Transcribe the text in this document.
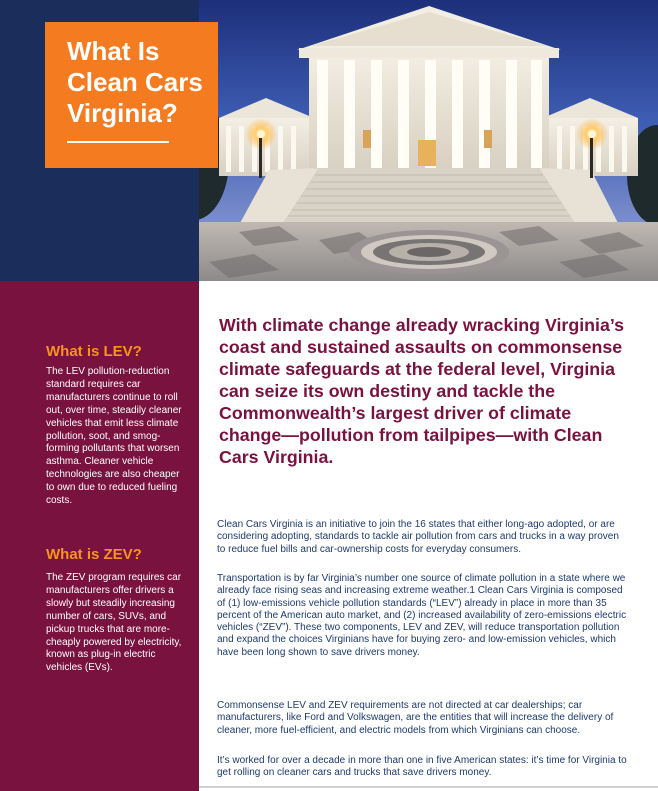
What Is Clean Cars Virginia?
What is LEV?

The LEV pollution-reduction standard requires car manufacturers continue to roll out, over time, steadily cleaner vehicles that emit less climate pollution, soot, and smog-forming pollutants that worsen asthma. Cleaner vehicle technologies are also cheaper to own due to reduced fueling costs.

What is ZEV?

The ZEV program requires car manufacturers offer drivers a slowly but steadily increasing number of cars, SUVs, and pickup trucks that are more-cheaply powered by electricity, known as plug-in electric vehicles (EVs).

With climate change already wracking Virginia’s coast and sustained assaults on commonsense climate safeguards at the federal level, Virginia can seize its own destiny and tackle the Commonwealth’s largest driver of climate change—pollution from tailpipes—with Clean Cars Virginia.

Clean Cars Virginia is an initiative to join the 16 states that either long-ago adopted, or are considering adopting, standards to tackle air pollution from cars and trucks in a way proven to reduce fuel bills and car-ownership costs for everyday consumers.

Transportation is by far Virginia’s number one source of climate pollution in a state where we already face rising seas and increasing extreme weather.1 Clean Cars Virginia is composed of (1) low-emissions vehicle pollution standards (“LEV”) already in place in more than 35 percent of the American auto market, and (2) increased availability of zero-emissions electric vehicles (“ZEV”). These two components, LEV and ZEV, will reduce transportation pollution and expand the choices Virginians have for buying zero- and low-emission vehicles, which have been long shown to save drivers money.

Commonsense LEV and ZEV requirements are not directed at car dealerships; car manufacturers, like Ford and Volkswagen, are the entities that will increase the delivery of cleaner, more fuel-efficient, and electric models from which Virginians can choose.

It’s worked for over a decade in more than one in five American states: it’s time for Virginia to get rolling on cleaner cars and trucks that save drivers money.
